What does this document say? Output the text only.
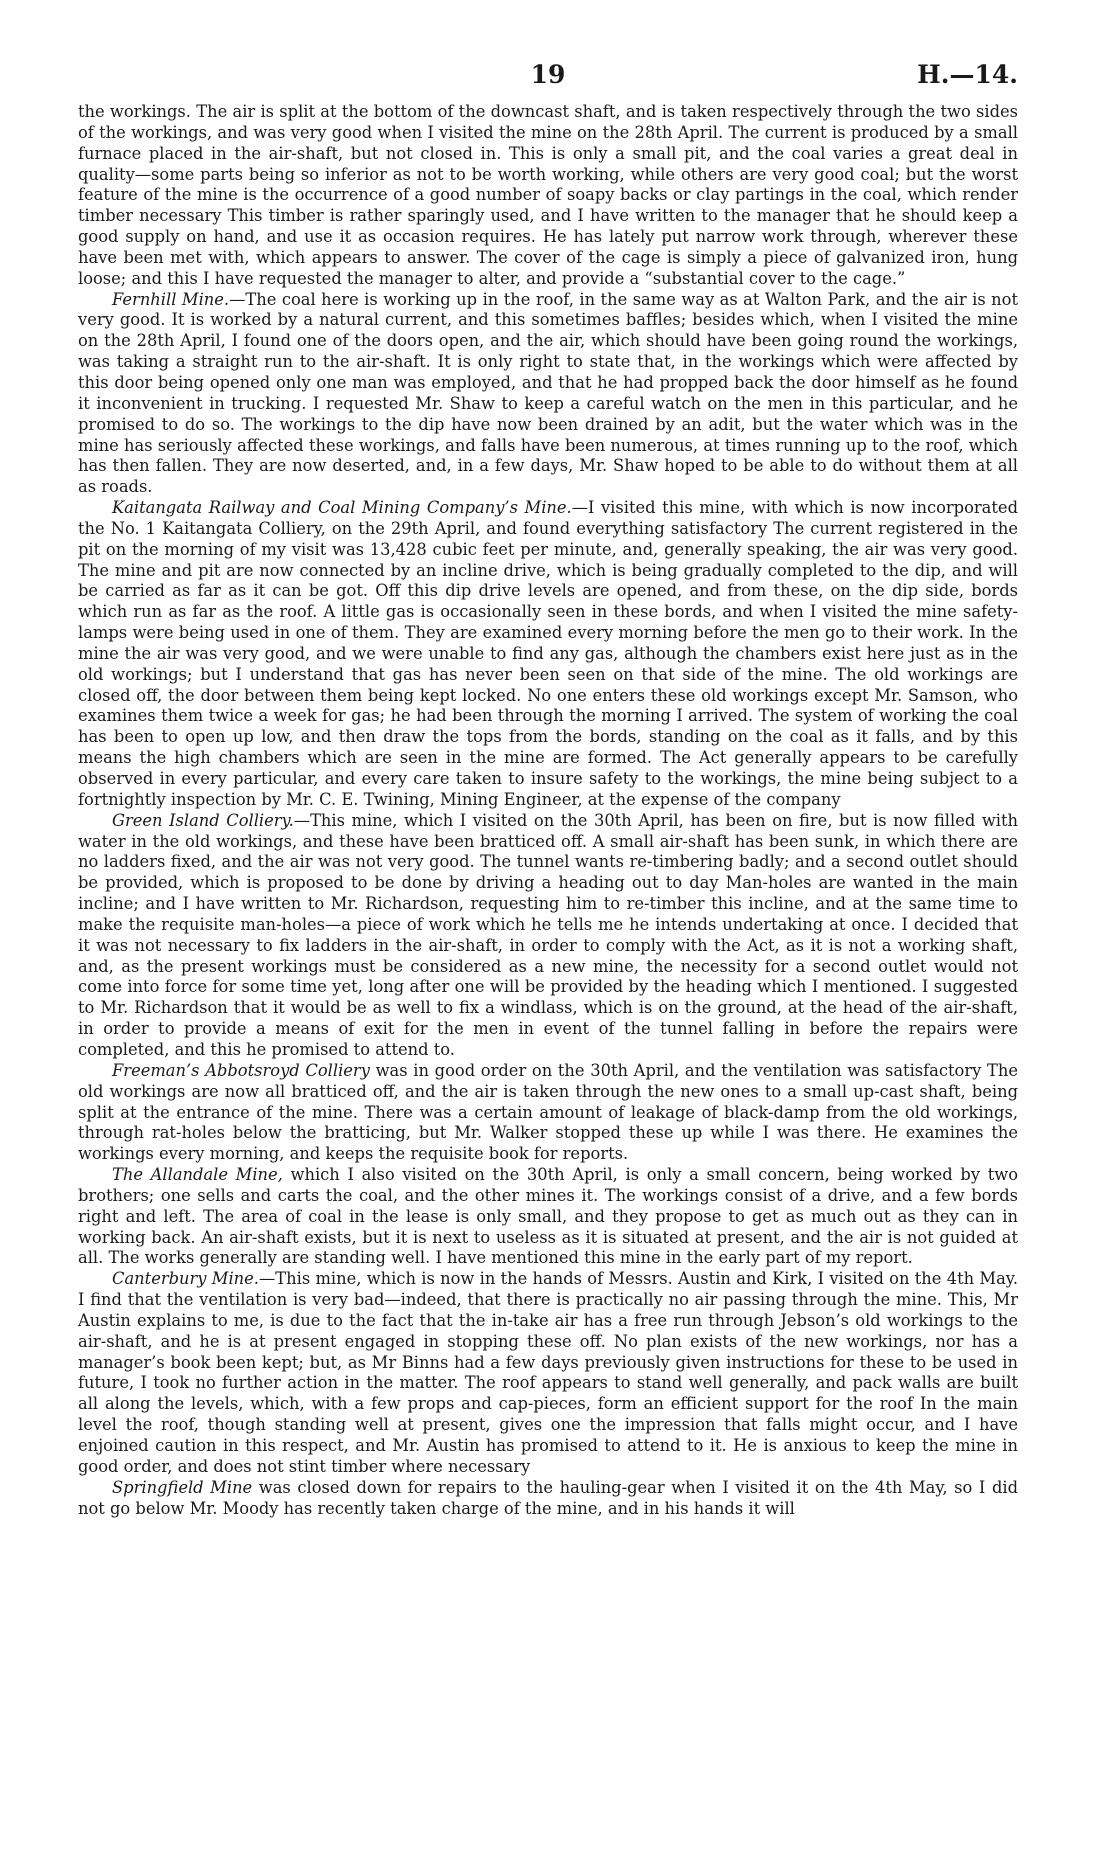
19	H.—14.

the workings. The air is split at the bottom of the downcast shaft, and is taken respectively through the two sides of the workings, and was very good when I visited the mine on the 28th April. The current is produced by a small furnace placed in the air-shaft, but not closed in. This is only a small pit, and the coal varies a great deal in quality—some parts being so inferior as not to be worth working, while others are very good coal; but the worst feature of the mine is the occurrence of a good number of soapy backs or clay partings in the coal, which render timber necessary This timber is rather sparingly used, and I have written to the manager that he should keep a good supply on hand, and use it as occasion requires. He has lately put narrow work through, wherever these have been met with, which appears to answer. The cover of the cage is simply a piece of galvanized iron, hung loose; and this I have requested the manager to alter, and provide a “substantial cover to the cage.”

Fernhill Mine.—The coal here is working up in the roof, in the same way as at Walton Park, and the air is not very good. It is worked by a natural current, and this sometimes baffles; besides which, when I visited the mine on the 28th April, I found one of the doors open, and the air, which should have been going round the workings, was taking a straight run to the air-shaft. It is only right to state that, in the workings which were affected by this door being opened only one man was employed, and that he had propped back the door himself as he found it inconvenient in trucking. I requested Mr. Shaw to keep a careful watch on the men in this particular, and he promised to do so. The workings to the dip have now been drained by an adit, but the water which was in the mine has seriously affected these workings, and falls have been numerous, at times running up to the roof, which has then fallen. They are now deserted, and, in a few days, Mr. Shaw hoped to be able to do without them at all as roads.

Kaitangata Railway and Coal Mining Company’s Mine.—I visited this mine, with which is now incorporated the No. 1 Kaitangata Colliery, on the 29th April, and found everything satisfactory The current registered in the pit on the morning of my visit was 13,428 cubic feet per minute, and, generally speaking, the air was very good. The mine and pit are now connected by an incline drive, which is being gradually completed to the dip, and will be carried as far as it can be got. Off this dip drive levels are opened, and from these, on the dip side, bords which run as far as the roof. A little gas is occasionally seen in these bords, and when I visited the mine safety-lamps were being used in one of them. They are examined every morning before the men go to their work. In the mine the air was very good, and we were unable to find any gas, although the chambers exist here just as in the old workings; but I understand that gas has never been seen on that side of the mine. The old workings are closed off, the door between them being kept locked. No one enters these old workings except Mr. Samson, who examines them twice a week for gas; he had been through the morning I arrived. The system of working the coal has been to open up low, and then draw the tops from the bords, standing on the coal as it falls, and by this means the high chambers which are seen in the mine are formed. The Act generally appears to be carefully observed in every particular, and every care taken to insure safety to the workings, the mine being subject to a fortnightly inspection by Mr. C. E. Twining, Mining Engineer, at the expense of the company

Green Island Colliery.—This mine, which I visited on the 30th April, has been on fire, but is now filled with water in the old workings, and these have been bratticed off. A small air-shaft has been sunk, in which there are no ladders fixed, and the air was not very good. The tunnel wants re-timbering badly; and a second outlet should be provided, which is proposed to be done by driving a heading out to day Man-holes are wanted in the main incline; and I have written to Mr. Richardson, requesting him to re-timber this incline, and at the same time to make the requisite man-holes—a piece of work which he tells me he intends undertaking at once. I decided that it was not necessary to fix ladders in the air-shaft, in order to comply with the Act, as it is not a working shaft, and, as the present workings must be considered as a new mine, the necessity for a second outlet would not come into force for some time yet, long after one will be provided by the heading which I mentioned. I suggested to Mr. Richardson that it would be as well to fix a windlass, which is on the ground, at the head of the air-shaft, in order to provide a means of exit for the men in event of the tunnel falling in before the repairs were completed, and this he promised to attend to.

Freeman’s Abbotsroyd Colliery was in good order on the 30th April, and the ventilation was satisfactory The old workings are now all bratticed off, and the air is taken through the new ones to a small up-cast shaft, being split at the entrance of the mine. There was a certain amount of leakage of black-damp from the old workings, through rat-holes below the bratticing, but Mr. Walker stopped these up while I was there. He examines the workings every morning, and keeps the requisite book for reports.

The Allandale Mine, which I also visited on the 30th April, is only a small concern, being worked by two brothers; one sells and carts the coal, and the other mines it. The workings consist of a drive, and a few bords right and left. The area of coal in the lease is only small, and they propose to get as much out as they can in working back. An air-shaft exists, but it is next to useless as it is situated at present, and the air is not guided at all. The works generally are standing well. I have mentioned this mine in the early part of my report.

Canterbury Mine.—This mine, which is now in the hands of Messrs. Austin and Kirk, I visited on the 4th May. I find that the ventilation is very bad—indeed, that there is practically no air passing through the mine. This, Mr Austin explains to me, is due to the fact that the in-take air has a free run through Jebson’s old workings to the air-shaft, and he is at present engaged in stopping these off. No plan exists of the new workings, nor has a manager’s book been kept; but, as Mr Binns had a few days previously given instructions for these to be used in future, I took no further action in the matter. The roof appears to stand well generally, and pack walls are built all along the levels, which, with a few props and cap-pieces, form an efficient support for the roof In the main level the roof, though standing well at present, gives one the impression that falls might occur, and I have enjoined caution in this respect, and Mr. Austin has promised to attend to it. He is anxious to keep the mine in good order, and does not stint timber where necessary

Springfield Mine was closed down for repairs to the hauling-gear when I visited it on the 4th May, so I did not go below Mr. Moody has recently taken charge of the mine, and in his hands it will
